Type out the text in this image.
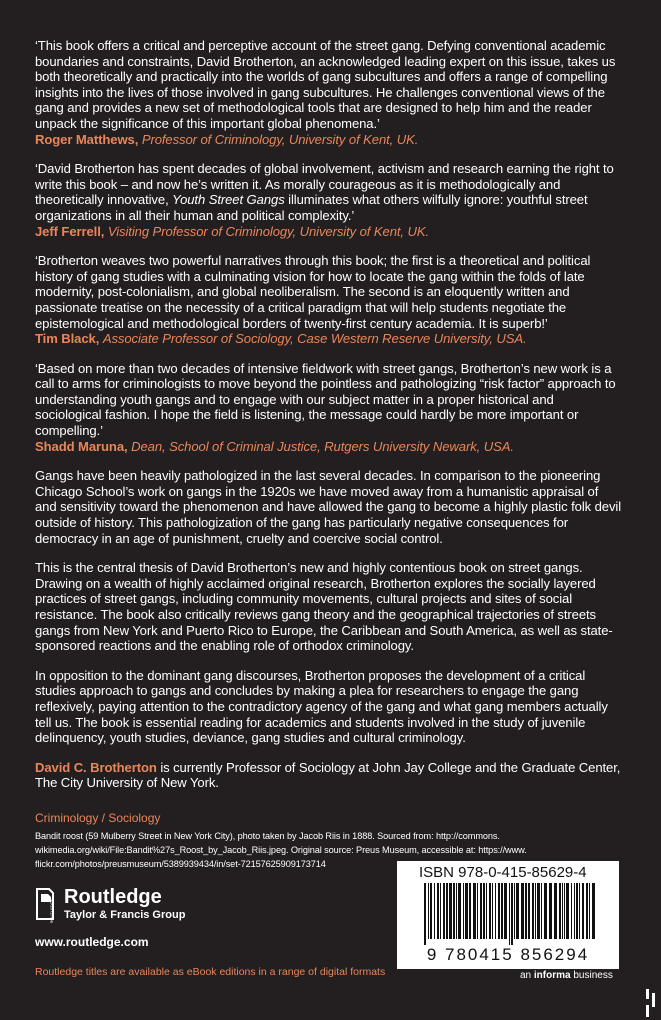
‘This book offers a critical and perceptive account of the street gang. Defying conventional academic boundaries and constraints, David Brotherton, an acknowledged leading expert on this issue, takes us both theoretically and practically into the worlds of gang subcultures and offers a range of compelling insights into the lives of those involved in gang subcultures. He challenges conventional views of the gang and provides a new set of methodological tools that are designed to help him and the reader unpack the significance of this important global phenomena.’
Roger Matthews, Professor of Criminology, University of Kent, UK.

‘David Brotherton has spent decades of global involvement, activism and research earning the right to write this book – and now he’s written it. As morally courageous as it is methodologically and theoretically innovative, Youth Street Gangs illuminates what others wilfully ignore: youthful street organizations in all their human and political complexity.’
Jeff Ferrell, Visiting Professor of Criminology, University of Kent, UK.

‘Brotherton weaves two powerful narratives through this book; the first is a theoretical and political history of gang studies with a culminating vision for how to locate the gang within the folds of late modernity, post-colonialism, and global neoliberalism. The second is an eloquently written and passionate treatise on the necessity of a critical paradigm that will help students negotiate the epistemological and methodological borders of twenty-first century academia. It is superb!’
Tim Black, Associate Professor of Sociology, Case Western Reserve University, USA.

‘Based on more than two decades of intensive fieldwork with street gangs, Brotherton’s new work is a call to arms for criminologists to move beyond the pointless and pathologizing “risk factor” approach to understanding youth gangs and to engage with our subject matter in a proper historical and sociological fashion. I hope the field is listening, the message could hardly be more important or compelling.’
Shadd Maruna, Dean, School of Criminal Justice, Rutgers University Newark, USA.

Gangs have been heavily pathologized in the last several decades. In comparison to the pioneering Chicago School’s work on gangs in the 1920s we have moved away from a humanistic appraisal of and sensitivity toward the phenomenon and have allowed the gang to become a highly plastic folk devil outside of history. This pathologization of the gang has particularly negative consequences for democracy in an age of punishment, cruelty and coercive social control.

This is the central thesis of David Brotherton’s new and highly contentious book on street gangs. Drawing on a wealth of highly acclaimed original research, Brotherton explores the socially layered practices of street gangs, including community movements, cultural projects and sites of social resistance. The book also critically reviews gang theory and the geographical trajectories of streets gangs from New York and Puerto Rico to Europe, the Caribbean and South America, as well as state-sponsored reactions and the enabling role of orthodox criminology.

In opposition to the dominant gang discourses, Brotherton proposes the development of a critical studies approach to gangs and concludes by making a plea for researchers to engage the gang reflexively, paying attention to the contradictory agency of the gang and what gang members actually tell us. The book is essential reading for academics and students involved in the study of juvenile delinquency, youth studies, deviance, gang studies and cultural criminology.

David C. Brotherton is currently Professor of Sociology at John Jay College and the Graduate Center, The City University of New York.

Criminology / Sociology
Bandit roost (59 Mulberry Street in New York City), photo taken by Jacob Riis in 1888. Sourced from: http://commons. wikimedia.org/wiki/File:Bandit%27s_Roost_by_Jacob_Riis.jpeg. Original source: Preus Museum, accessible at: https://www. flickr.com/photos/preusmuseum/5389939434/in/set-72157625909173714
ROUTLEDGE
Routledge
Taylor & Francis Group
www.routledge.com
Routledge titles are available as eBook editions in a range of digital formats
ISBN 978-0-415-85629-4
9 780415 856294
an informa business
